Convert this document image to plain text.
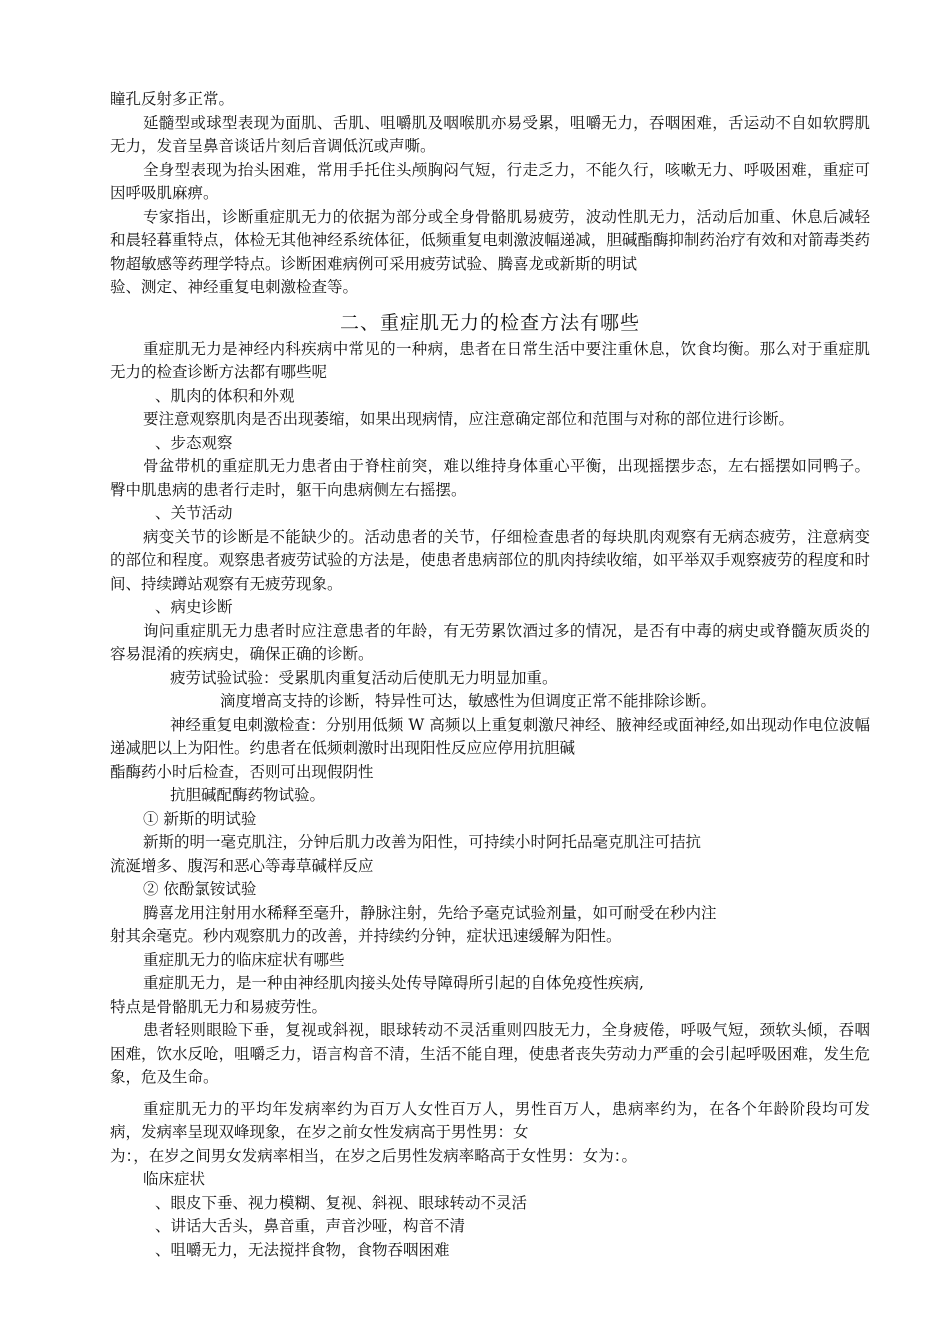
瞳孔反射多正常。

延髓型或球型表现为面肌、舌肌、咀嚼肌及咽喉肌亦易受累，咀嚼无力，吞咽困难，舌运动不自如软腭肌无力，发音呈鼻音谈话片刻后音调低沉或声嘶。

全身型表现为抬头困难，常用手托住头颅胸闷气短，行走乏力，不能久行，咳嗽无力、呼吸困难，重症可因呼吸肌麻痹。

专家指出，诊断重症肌无力的依据为部分或全身骨骼肌易疲劳，波动性肌无力，活动后加重、休息后减轻和晨轻暮重特点，体检无其他神经系统体征，低频重复电刺激波幅递减，胆碱酯酶抑制药治疗有效和对箭毒类药物超敏感等药理学特点。诊断困难病例可采用疲劳试验、腾喜龙或新斯的明试

验、测定、神经重复电刺激检查等。

二、重症肌无力的检查方法有哪些

重症肌无力是神经内科疾病中常见的一种病，患者在日常生活中要注重休息，饮食均衡。那么对于重症肌无力的检查诊断方法都有哪些呢

、肌肉的体积和外观

要注意观察肌肉是否出现萎缩，如果出现病情，应注意确定部位和范围与对称的部位进行诊断。

、步态观察

骨盆带机的重症肌无力患者由于脊柱前突，难以维持身体重心平衡，出现摇摆步态，左右摇摆如同鸭子。臀中肌患病的患者行走时，躯干向患病侧左右摇摆。

、关节活动

病变关节的诊断是不能缺少的。活动患者的关节，仔细检查患者的每块肌肉观察有无病态疲劳，注意病变的部位和程度。观察患者疲劳试验的方法是，使患者患病部位的肌肉持续收缩，如平举双手观察疲劳的程度和时间、持续蹲站观察有无疲劳现象。

、病史诊断

询问重症肌无力患者时应注意患者的年龄，有无劳累饮酒过多的情况，是否有中毒的病史或脊髓灰质炎的容易混淆的疾病史，确保正确的诊断。

疲劳试验试验：受累肌肉重复活动后使肌无力明显加重。

滴度增高支持的诊断，特异性可达，敏感性为但调度正常不能排除诊断。

神经重复电刺激检查：分别用低频 W 高频以上重复刺激尺神经、腋神经或面神经,如出现动作电位波幅递减肥以上为阳性。约患者在低频刺激时出现阳性反应应停用抗胆碱

酯酶药小时后检查，否则可出现假阴性

抗胆碱配酶药物试验。

① 新斯的明试验

新斯的明一毫克肌注，分钟后肌力改善为阳性，可持续小时阿托品毫克肌注可拮抗

流涎增多、腹泻和恶心等毒草碱样反应

② 依酚氯铵试验

腾喜龙用注射用水稀释至毫升，静脉注射，先给予毫克试验剂量，如可耐受在秒内注

射其余毫克。秒内观察肌力的改善，并持续约分钟，症状迅速缓解为阳性。

重症肌无力的临床症状有哪些

重症肌无力，是一种由神经肌肉接头处传导障碍所引起的自体免疫性疾病,

特点是骨骼肌无力和易疲劳性。

患者轻则眼睑下垂，复视或斜视，眼球转动不灵活重则四肢无力，全身疲倦，呼吸气短，颈软头倾，吞咽困难，饮水反呛，咀嚼乏力，语言构音不清，生活不能自理，使患者丧失劳动力严重的会引起呼吸困难，发生危象，危及生命。

重症肌无力的平均年发病率约为百万人女性百万人，男性百万人，患病率约为，在各个年龄阶段均可发病，发病率呈现双峰现象，在岁之前女性发病高于男性男：女

为：，在岁之间男女发病率相当，在岁之后男性发病率略高于女性男：女为：。

临床症状

、眼皮下垂、视力模糊、复视、斜视、眼球转动不灵活

、讲话大舌头，鼻音重，声音沙哑，构音不清

、咀嚼无力，无法搅拌食物，食物吞咽困难
